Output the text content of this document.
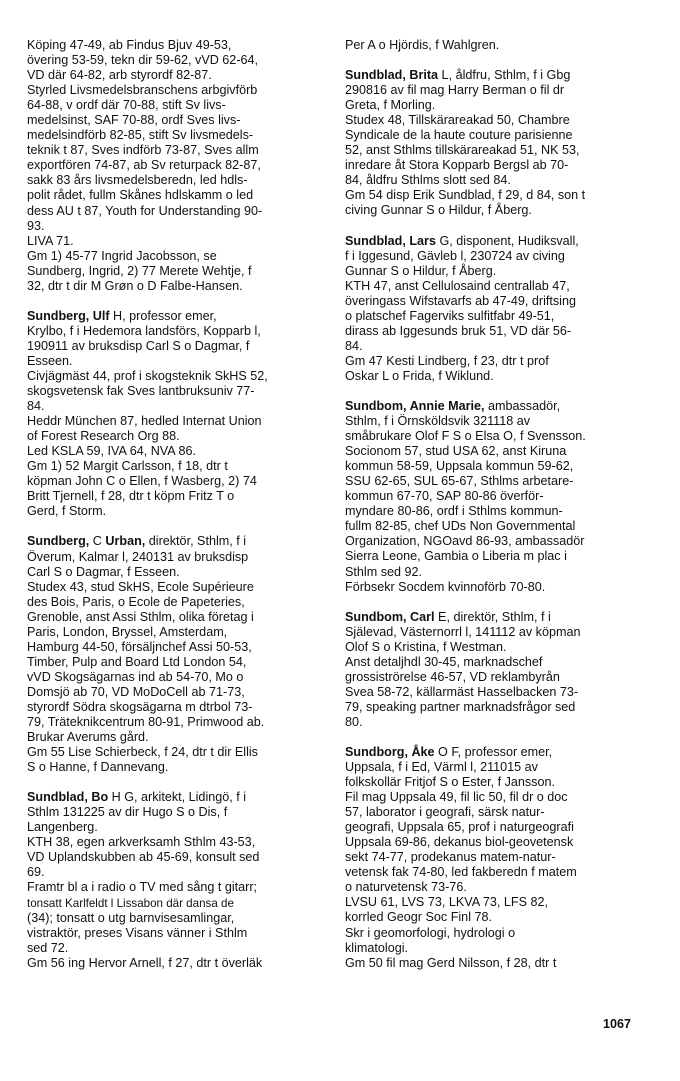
Köping 47-49, ab Findus Bjuv 49-53,
övering 53-59, tekn dir 59-62, vVD 62-64,
VD där 64-82, arb styrordf 82-87.
Styrled Livsmedelsbranschens arbgivförb
64-88, v ordf där 70-88, stift Sv livs-
medelsinst, SAF 70-88, ordf Sves livs-
medelsindförb 82-85, stift Sv livsmedels-
teknik t 87, Sves indförb 73-87, Sves allm
exportfören 74-87, ab Sv returpack 82-87,
sakk 83 års livsmedelsberedn, led hdls-
polit rådet, fullm Skånes hdlskamm o led
dess AU t 87, Youth for Understanding 90-
93.
LIVA 71.
Gm 1) 45-77 Ingrid Jacobsson, se
Sundberg, Ingrid, 2) 77 Merete Wehtje, f
32, dtr t dir M Grøn o D Falbe-Hansen.
Sundberg, Ulf H, professor emer,
Krylbo, f i Hedemora landsförs, Kopparb l,
190911 av bruksdisp Carl S o Dagmar, f
Esseen.
Civjägmäst 44, prof i skogsteknik SkHS 52,
skogsvetensk fak Sves lantbruksuniv 77-
84.
Heddr München 87, hedled Internat Union
of Forest Research Org 88.
Led KSLA 59, IVA 64, NVA 86.
Gm 1) 52 Margit Carlsson, f 18, dtr t
köpman John C o Ellen, f Wasberg, 2) 74
Britt Tjernell, f 28, dtr t köpm Fritz T o
Gerd, f Storm.
Sundberg, C Urban, direktör, Sthlm, f i
Överum, Kalmar l, 240131 av bruksdisp
Carl S o Dagmar, f Esseen.
Studex 43, stud SkHS, Ecole Supérieure
des Bois, Paris, o Ecole de Papeteries,
Grenoble, anst Assi Sthlm, olika företag i
Paris, London, Bryssel, Amsterdam,
Hamburg 44-50, försäljnchef Assi 50-53,
Timber, Pulp and Board Ltd London 54,
vVD Skogsägarnas ind ab 54-70, Mo o
Domsjö ab 70, VD MoDoCell ab 71-73,
styrordf Södra skogsägarna m dtrbol 73-
79, Träteknikcentrum 80-91, Primwood ab.
Brukar Averums gård.
Gm 55 Lise Schierbeck, f 24, dtr t dir Ellis
S o Hanne, f Dannevang.
Sundblad, Bo H G, arkitekt, Lidingö, f i
Sthlm 131225 av dir Hugo S o Dis, f
Langenberg.
KTH 38, egen arkverksamh Sthlm 43-53,
VD Uplandskubben ab 45-69, konsult sed
69.
Framtr bl a i radio o TV med sång t gitarr;
tonsatt Karlfeldt l Lissabon där dansa de
(34); tonsatt o utg barnvisesamlingar,
vistraktör, preses Visans vänner i Sthlm
sed 72.
Gm 56 ing Hervor Arnell, f 27, dtr t överläk
Per A o Hjördis, f Wahlgren.
Sundblad, Brita L, åldfru, Sthlm, f i Gbg
290816 av fil mag Harry Berman o fil dr
Greta, f Morling.
Studex 48, Tillskärareakad 50, Chambre
Syndicale de la haute couture parisienne
52, anst Sthlms tillskärareakad 51, NK 53,
inredare åt Stora Kopparb Bergsl ab 70-
84, åldfru Sthlms slott sed 84.
Gm 54 disp Erik Sundblad, f 29, d 84, son t
civing Gunnar S o Hildur, f Åberg.
Sundblad, Lars G, disponent, Hudiksvall,
f i Iggesund, Gävleb l, 230724 av civing
Gunnar S o Hildur, f Åberg.
KTH 47, anst Cellulosaind centrallab 47,
överingass Wifstavarfs ab 47-49, driftsing
o platschef Fagerviks sulfitfabr 49-51,
dirass ab Iggesunds bruk 51, VD där 56-
84.
Gm 47 Kesti Lindberg, f 23, dtr t prof
Oskar L o Frida, f Wiklund.
Sundbom, Annie Marie, ambassadör,
Sthlm, f i Örnsköldsvik 321118 av
småbrukare Olof F S o Elsa O, f Svensson.
Socionom 57, stud USA 62, anst Kiruna
kommun 58-59, Uppsala kommun 59-62,
SSU 62-65, SUL 65-67, Sthlms arbetare-
kommun 67-70, SAP 80-86 överför-
myndare 80-86, ordf i Sthlms kommun-
fullm 82-85, chef UDs Non Governmental
Organization, NGOavd 86-93, ambassadör
Sierra Leone, Gambia o Liberia m plac i
Sthlm sed 92.
Förbsekr Socdem kvinnoförb 70-80.
Sundbom, Carl E, direktör, Sthlm, f i
Själevad, Västernorrl l, 141112 av köpman
Olof S o Kristina, f Westman.
Anst detaljhdl 30-45, marknadschef
grossiströrelse 46-57, VD reklambyrån
Svea 58-72, källarmäst Hasselbacken 73-
79, speaking partner marknadsfrågor sed
80.
Sundborg, Åke O F, professor emer,
Uppsala, f i Ed, Värml l, 211015 av
folkskollär Fritjof S o Ester, f Jansson.
Fil mag Uppsala 49, fil lic 50, fil dr o doc
57, laborator i geografi, särsk natur-
geografi, Uppsala 65, prof i naturgeografi
Uppsala 69-86, dekanus biol-geovetensk
sekt 74-77, prodekanus matem-natur-
vetensk fak 74-80, led fakberedn f matem
o naturvetensk 73-76.
LVSU 61, LVS 73, LKVA 73, LFS 82,
korrled Geogr Soc Finl 78.
Skr i geomorfologi, hydrologi o
klimatologi.
Gm 50 fil mag Gerd Nilsson, f 28, dtr t
1067
